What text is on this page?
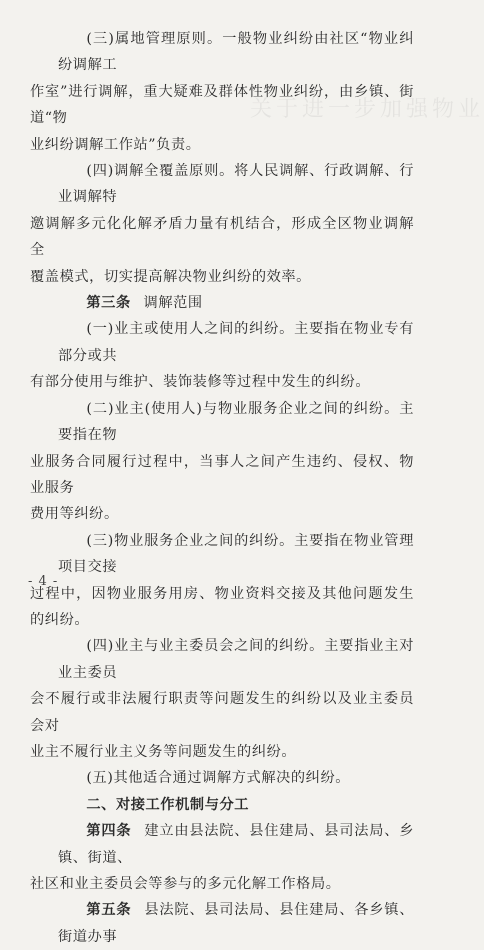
关于进一步加强物业

(三)属地管理原则。一般物业纠纷由社区“物业纠纷调解工

作室”进行调解，重大疑难及群体性物业纠纷，由乡镇、街道“物

业纠纷调解工作站”负责。

(四)调解全覆盖原则。将人民调解、行政调解、行业调解特

邀调解多元化化解矛盾力量有机结合，形成全区物业调解全

覆盖模式，切实提高解决物业纠纷的效率。

第三条 调解范围

(一)业主或使用人之间的纠纷。主要指在物业专有部分或共

有部分使用与维护、装饰装修等过程中发生的纠纷。

(二)业主(使用人)与物业服务企业之间的纠纷。主要指在物

业服务合同履行过程中，当事人之间产生违约、侵权、物业服务

费用等纠纷。

(三)物业服务企业之间的纠纷。主要指在物业管理项目交接

过程中，因物业服务用房、物业资料交接及其他问题发生的纠纷。

(四)业主与业主委员会之间的纠纷。主要指业主对业主委员

会不履行或非法履行职责等问题发生的纠纷以及业主委员会对

业主不履行业主义务等问题发生的纠纷。

(五)其他适合通过调解方式解决的纠纷。

二、对接工作机制与分工

第四条 建立由县法院、县住建局、县司法局、乡镇、街道、

社区和业主委员会等参与的多元化解工作格局。

第五条 县法院、县司法局、县住建局、各乡镇、街道办事

- 4 -
